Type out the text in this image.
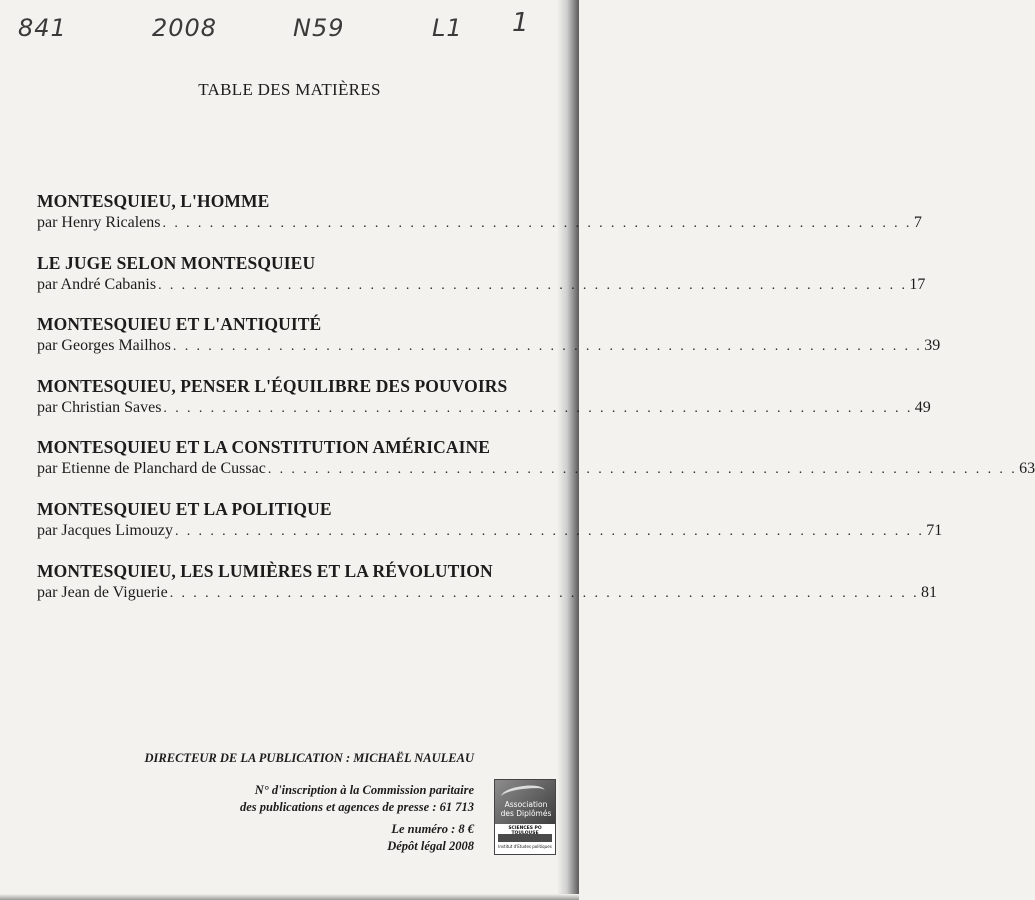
841	2008	N59	L1 1
TABLE DES MATIÈRES
MONTESQUIEU, L'HOMME
par Henry Ricalens . . . . . . . . . . . . . . . . . . . . . . . . . . . . . . . . . . . . . . . . . . . . . . . . . . . . . . . . . . . . . . . . 7
LE JUGE SELON MONTESQUIEU
par André Cabanis . . . . . . . . . . . . . . . . . . . . . . . . . . . . . . . . . . . . . . . . . . . . . . . . . . . . . . . . . . . . . . . . 17
MONTESQUIEU ET L'ANTIQUITÉ
par Georges Mailhos . . . . . . . . . . . . . . . . . . . . . . . . . . . . . . . . . . . . . . . . . . . . . . . . . . . . . . . . . . . . . . . . 39
MONTESQUIEU, PENSER L'ÉQUILIBRE DES POUVOIRS
par Christian Saves . . . . . . . . . . . . . . . . . . . . . . . . . . . . . . . . . . . . . . . . . . . . . . . . . . . . . . . . . . . . . . . . 49
MONTESQUIEU ET LA CONSTITUTION AMÉRICAINE
par Etienne de Planchard de Cussac . . . . . . . . . . . . . . . . . . . . . . . . . . . . . . . . . . . . . . . . . . . . . . . . . . . . . . . . . . . . . . . . 63
MONTESQUIEU ET LA POLITIQUE
par Jacques Limouzy . . . . . . . . . . . . . . . . . . . . . . . . . . . . . . . . . . . . . . . . . . . . . . . . . . . . . . . . . . . . . . . . 71
MONTESQUIEU, LES LUMIÈRES ET LA RÉVOLUTION
par Jean de Viguerie . . . . . . . . . . . . . . . . . . . . . . . . . . . . . . . . . . . . . . . . . . . . . . . . . . . . . . . . . . . . . . . . 81
DIRECTEUR DE LA PUBLICATION : MICHAËL NAULEAU
N° d'inscription à la Commission paritaire
des publications et agences de presse : 61 713
Le numéro : 8 €
Dépôt légal 2008
Association
des Diplômés
SCIENCES PO
Institut d'Etudes politiques
